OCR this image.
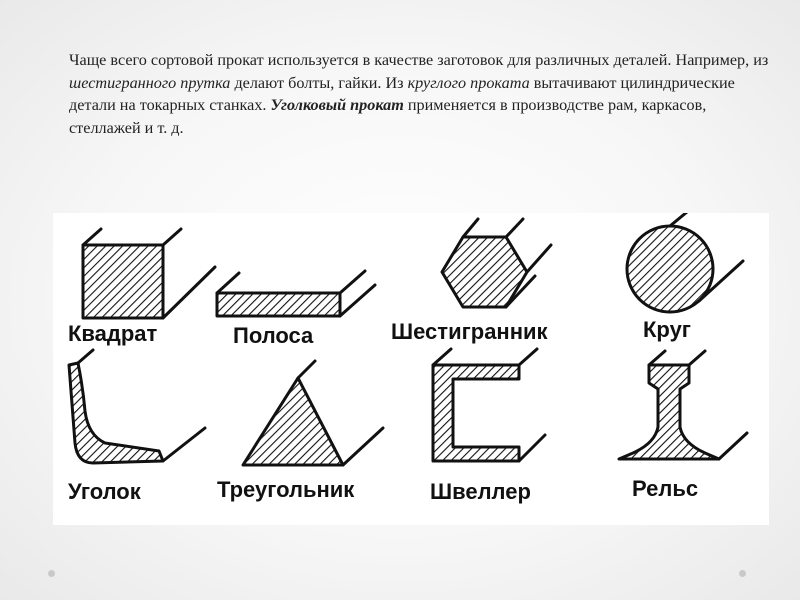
Чаще всего сортовой прокат используется в качестве заготовок для различных деталей. Например, из шестигранного прутка делают болты, гайки. Из круглого проката вытачивают цилиндрические детали на токарных станках. Уголковый прокат применяется в производстве рам, каркасов, стеллажей и т. д.

Квадрат	Полоса	Шестигранник	Круг
Уголок	Треугольник	Швеллер	Рельс
